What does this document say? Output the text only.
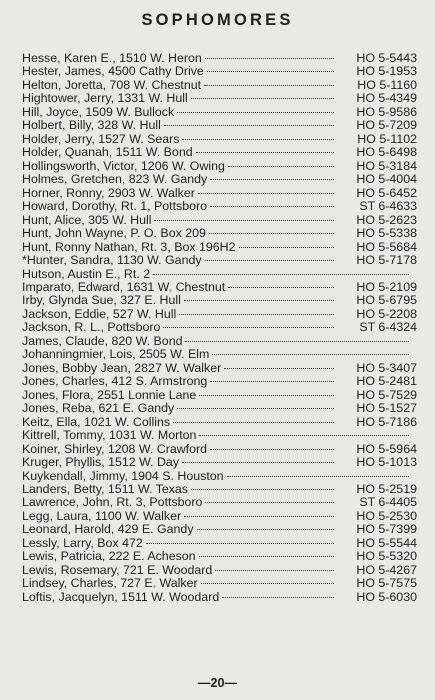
SOPHOMORES
Hesse, Karen E., 1510 W. Heron	HO 5-5443
Hester, James, 4500 Cathy Drive	HO 5-1953
Helton, Joretta, 708 W. Chestnut	HO 5-1160
Hightower, Jerry, 1331 W. Hull	HO 5-4349
Hill, Joyce, 1509 W. Bullock	HO 5-9586
Holbert, Billy, 328 W. Hull	HO 5-7209
Holder, Jerry, 1527 W. Sears	HO 5-1102
Holder, Quanah, 1511 W. Bond	HO 5-6498
Hollingsworth, Victor, 1206 W. Owing	HO 5-3184
Holmes, Gretchen, 823 W. Gandy	HO 5-4004
Horner, Ronny, 2903 W. Walker	HO 5-6452
Howard, Dorothy, Rt. 1, Pottsboro	ST 6-4633
Hunt, Alice, 305 W. Hull	HO 5-2623
Hunt, John Wayne, P. O. Box 209	HO 5-5338
Hunt, Ronny Nathan, Rt. 3, Box 196H2	HO 5-5684
*Hunter, Sandra, 1130 W. Gandy	HO 5-7178
Hutson, Austin E., Rt. 2
Imparato, Edward, 1631 W. Chestnut	HO 5-2109
Irby, Glynda Sue, 327 E. Hull	HO 5-6795
Jackson, Eddie, 527 W. Hull	HO 5-2208
Jackson, R. L., Pottsboro	ST 6-4324
James, Claude, 820 W. Bond
Johanningmier, Lois, 2505 W. Elm
Jones, Bobby Jean, 2827 W. Walker	HO 5-3407
Jones, Charles, 412 S. Armstrong	HO 5-2481
Jones, Flora, 2551 Lonnie Lane	HO 5-7529
Jones, Reba, 621 E. Gandy	HO 5-1527
Keitz, Ella, 1021 W. Collins	HO 5-7186
Kittrell, Tommy, 1031 W. Morton
Koiner, Shirley, 1208 W. Crawford	HO 5-5964
Kruger, Phyllis, 1512 W. Day	HO 5-1013
Kuykendall, Jimmy, 1904 S. Houston
Landers, Betty, 1511 W. Texas	HO 5-2519
Lawrence, John, Rt. 3, Pottsboro	ST 6-4405
Legg, Laura, 1100 W. Walker	HO 5-2530
Leonard, Harold, 429 E. Gandy	HO 5-7399
Lessly, Larry, Box 472	HO 5-5544
Lewis, Patricia, 222 E. Acheson	HO 5-5320
Lewis, Rosemary, 721 E. Woodard	HO 5-4267
Lindsey, Charles, 727 E. Walker	HO 5-7575
Loftis, Jacquelyn, 1511 W. Woodard	HO 5-6030
—20—
